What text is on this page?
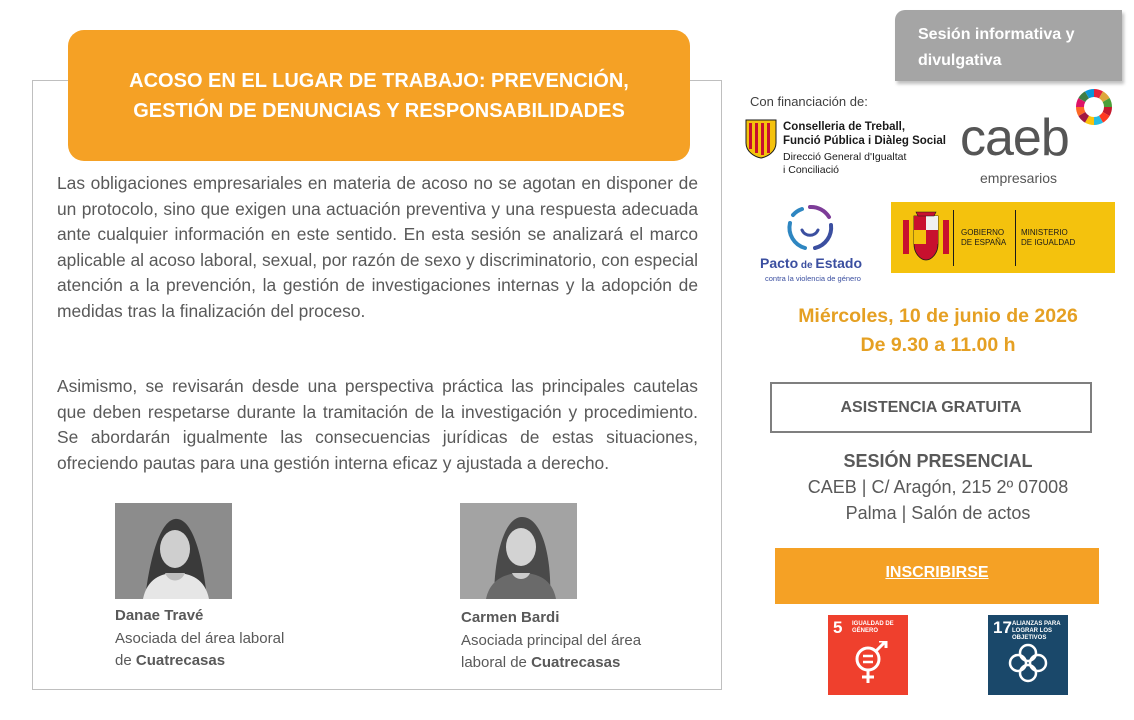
ACOSO EN EL LUGAR DE TRABAJO: PREVENCIÓN,
GESTIÓN DE DENUNCIAS Y RESPONSABILIDADES

Las obligaciones empresariales en materia de acoso no se agotan en disponer de un protocolo, sino que exigen una actuación preventiva y una respuesta adecuada ante cualquier información en este sentido. En esta sesión se analizará el marco aplicable al acoso laboral, sexual, por razón de sexo y discriminatorio, con especial atención a la prevención, la gestión de investigaciones internas y la adopción de medidas tras la finalización del proceso.

Asimismo, se revisarán desde una perspectiva práctica las principales cautelas que deben respetarse durante la tramitación de la investigación y procedimiento. Se abordarán igualmente las consecuencias jurídicas de estas situaciones, ofreciendo pautas para una gestión interna eficaz y ajustada a derecho.

Danae Travé
Asociada del área laboral
de Cuatrecasas
Carmen Bardi
Asociada principal del área
laboral de Cuatrecasas
Sesión informativa y
divulgativa
Con financiación de:
Conselleria de Treball,
Funció Pública i Diàleg Social
Direcció General d'Igualtat
i Conciliació
caeb
empresarios
Pacto de Estado
contra la violencia de género
GOBIERNO
DE ESPAÑA
MINISTERIO
DE IGUALDAD
Miércoles, 10 de junio de 2026
De 9.30 a 11.00 h
ASISTENCIA GRATUITA
SESIÓN PRESENCIAL
CAEB | C/ Aragón, 215 2º 07008
Palma | Salón de actos
INSCRIBIRSE
5 IGUALDAD DE GÉNERO	17 ALIANZAS PARA LOGRAR LOS OBJETIVOS
